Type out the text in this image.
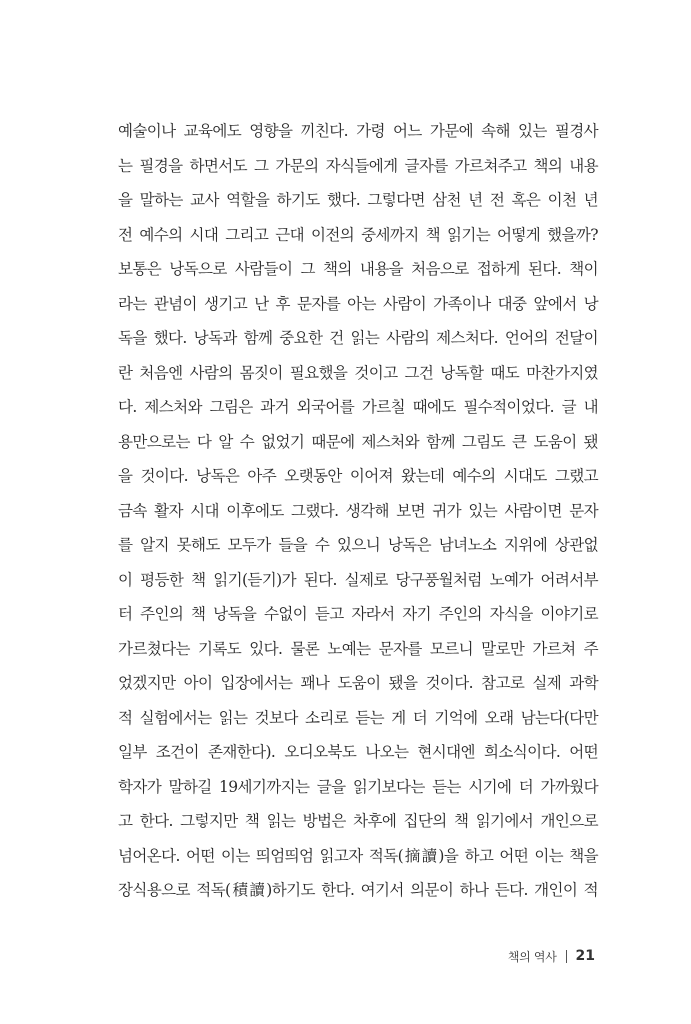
예술이나 교육에도 영향을 끼친다. 가령 어느 가문에 속해 있는 필경사
는 필경을 하면서도 그 가문의 자식들에게 글자를 가르쳐주고 책의 내용
을 말하는 교사 역할을 하기도 했다. 그렇다면 삼천 년 전 혹은 이천 년
전 예수의 시대 그리고 근대 이전의 중세까지 책 읽기는 어떻게 했을까?
보통은 낭독으로 사람들이 그 책의 내용을 처음으로 접하게 된다. 책이
라는 관념이 생기고 난 후 문자를 아는 사람이 가족이나 대중 앞에서 낭
독을 했다. 낭독과 함께 중요한 건 읽는 사람의 제스처다. 언어의 전달이
란 처음엔 사람의 몸짓이 필요했을 것이고 그건 낭독할 때도 마찬가지였
다. 제스처와 그림은 과거 외국어를 가르칠 때에도 필수적이었다. 글 내
용만으로는 다 알 수 없었기 때문에 제스처와 함께 그림도 큰 도움이 됐
을 것이다. 낭독은 아주 오랫동안 이어져 왔는데 예수의 시대도 그랬고
금속 활자 시대 이후에도 그랬다. 생각해 보면 귀가 있는 사람이면 문자
를 알지 못해도 모두가 들을 수 있으니 낭독은 남녀노소 지위에 상관없
이 평등한 책 읽기(듣기)가 된다. 실제로 당구풍월처럼 노예가 어려서부
터 주인의 책 낭독을 수없이 듣고 자라서 자기 주인의 자식을 이야기로
가르쳤다는 기록도 있다. 물론 노예는 문자를 모르니 말로만 가르쳐 주
었겠지만 아이 입장에서는 꽤나 도움이 됐을 것이다. 참고로 실제 과학
적 실험에서는 읽는 것보다 소리로 듣는 게 더 기억에 오래 남는다(다만
일부 조건이 존재한다). 오디오북도 나오는 현시대엔 희소식이다. 어떤
학자가 말하길 19세기까지는 글을 읽기보다는 듣는 시기에 더 가까웠다
고 한다. 그렇지만 책 읽는 방법은 차후에 집단의 책 읽기에서 개인으로
넘어온다. 어떤 이는 띄엄띄엄 읽고자 적독(摘讀)을 하고 어떤 이는 책을
장식용으로 적독(積讀)하기도 한다. 여기서 의문이 하나 든다. 개인이 적
책의 역사 21
